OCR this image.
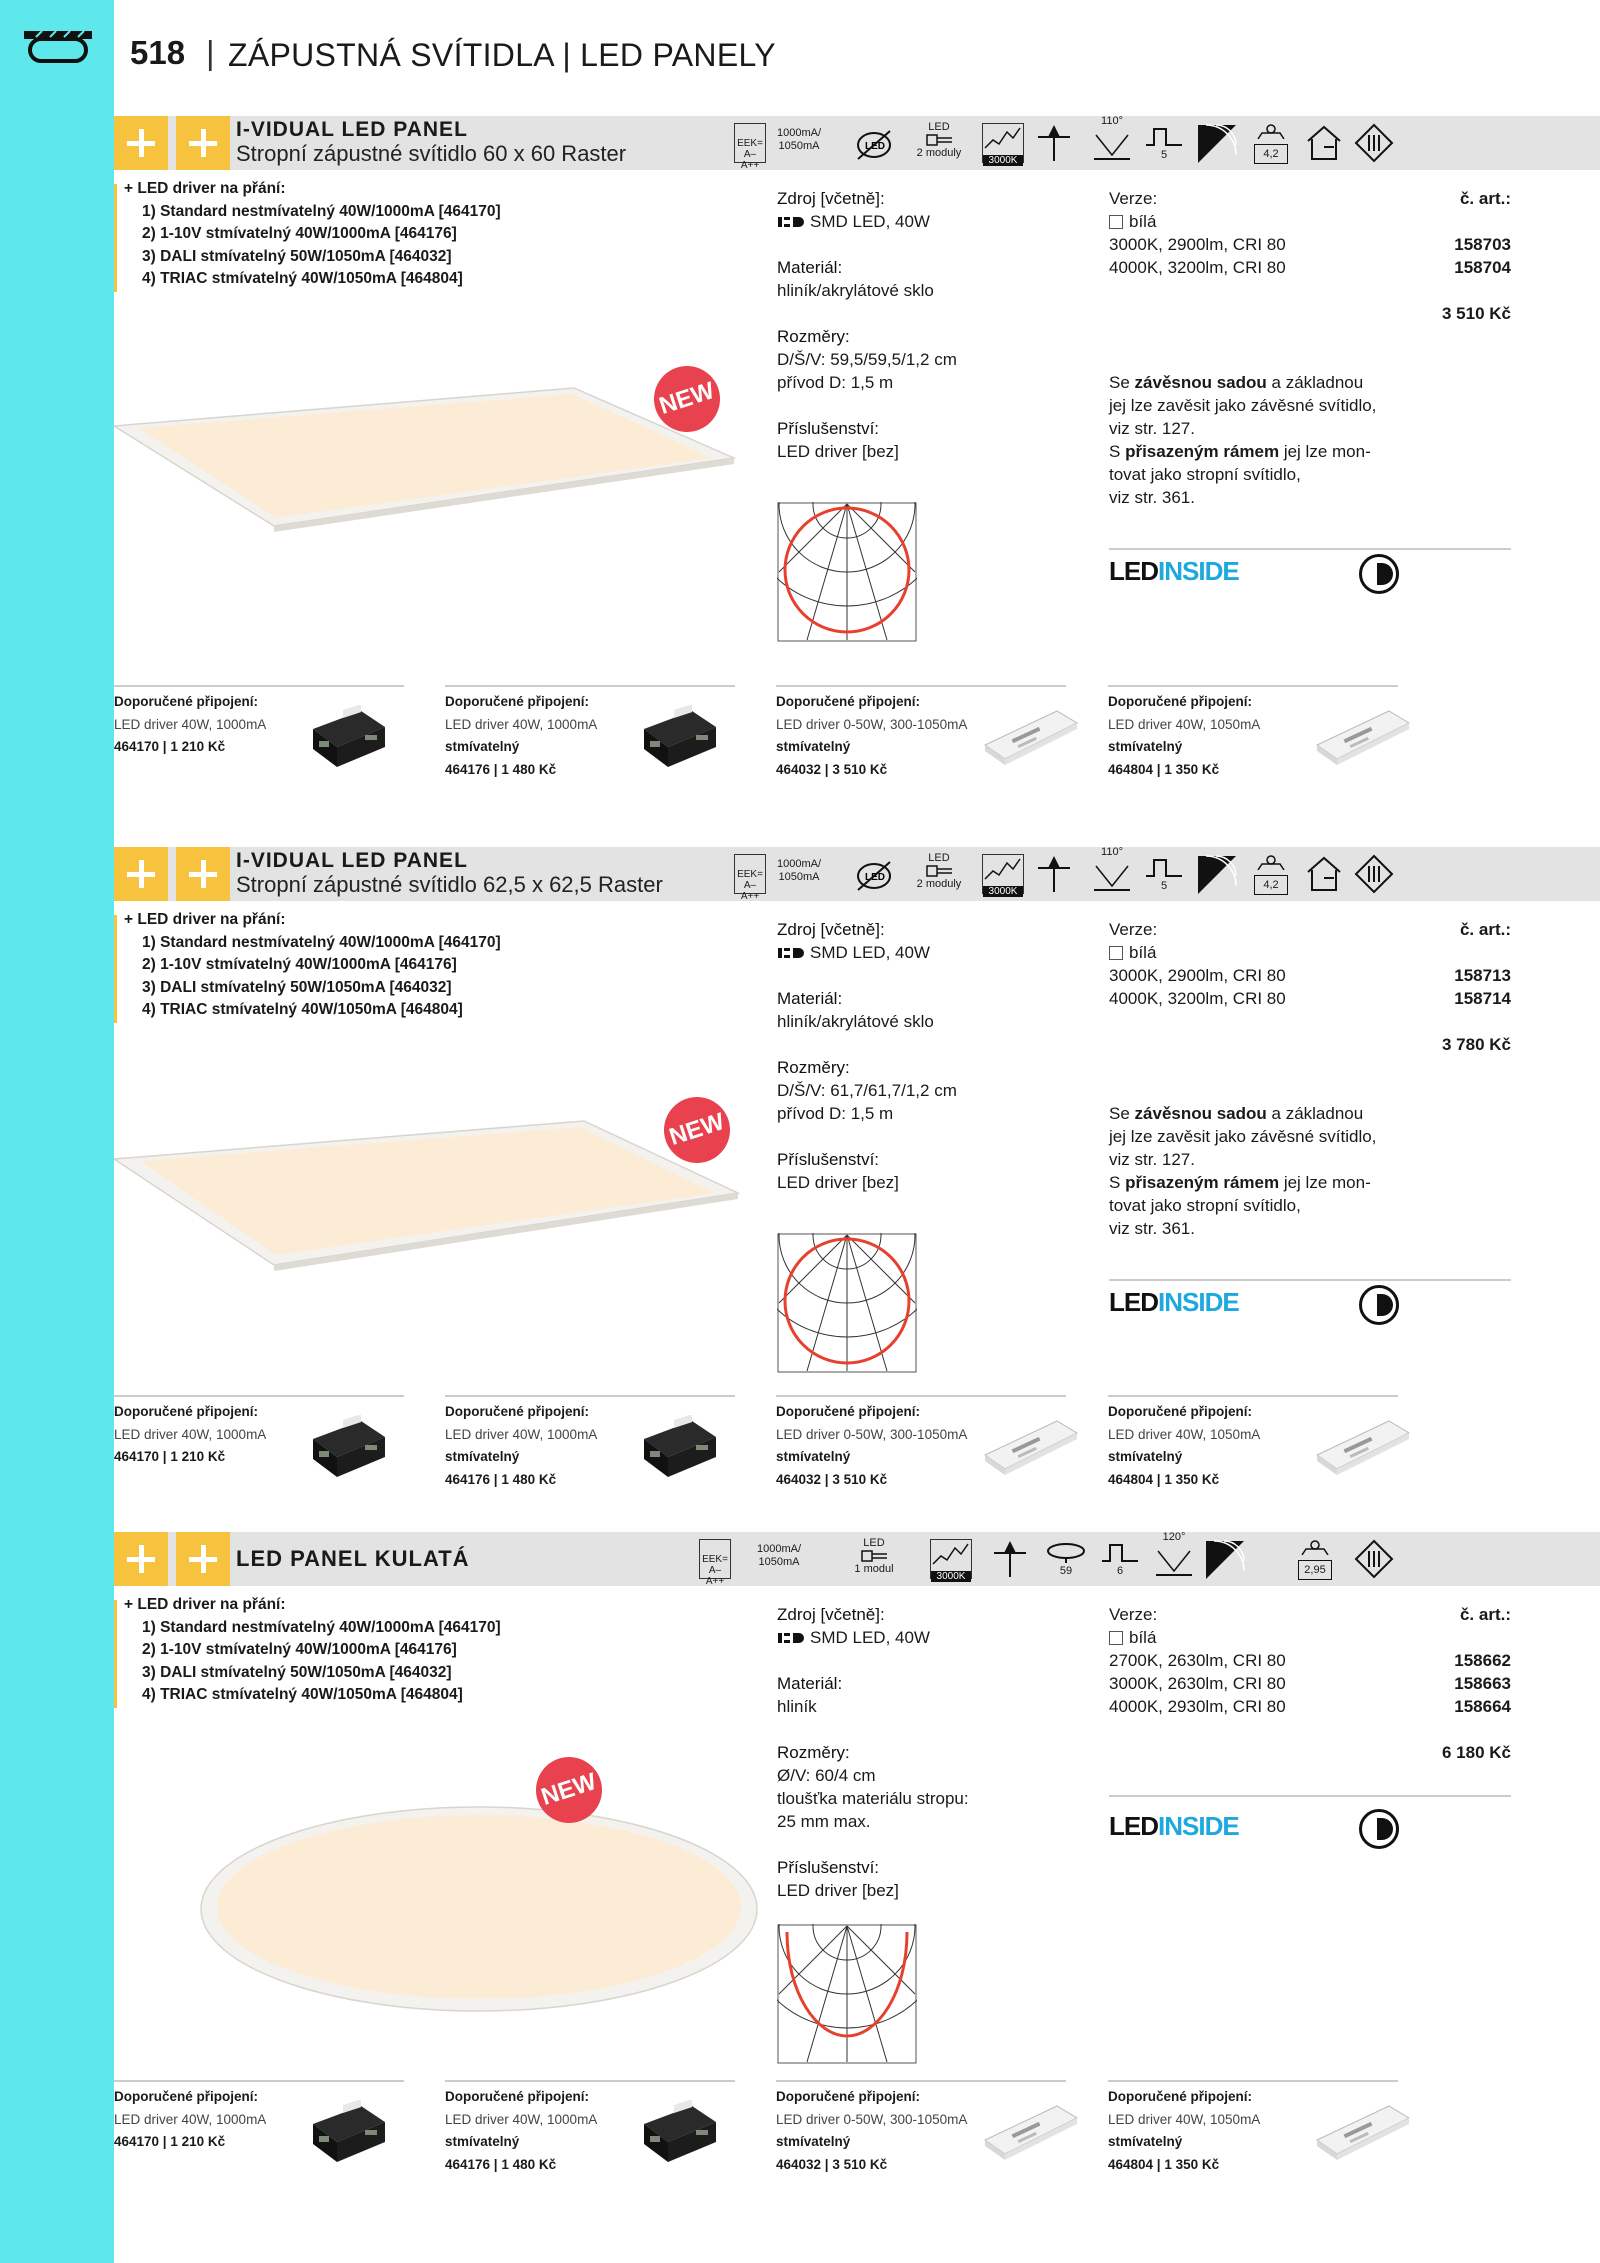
518 | ZÁPUSTNÁ SVÍTIDLA | LED PANELY
I-VIDUAL LED PANEL
Stropní zápustné svítidlo 60 x 60 Raster	EEK= A–A++
1000mA/ 1050mA	LED
LED
2 moduly
3000K
110°
5	4,2
+ LED driver na přání:
1) Standard nestmívatelný 40W/1000mA [464170]
2) 1-10V stmívatelný 40W/1000mA [464176]
3) DALI stmívatelný 50W/1050mA [464032]
4) TRIAC stmívatelný 40W/1050mA [464804]
NEW
Zdroj [včetně]:
SMD LED, 40W
Materiál:
hliník/akrylátové sklo
Rozměry:
D/Š/V: 59,5/59,5/1,2 cm
přívod D: 1,5 m
Příslušenství:
LED driver [bez]
Verze:	č. art.:
bílá
3000K, 2900lm, CRI 80	158703
4000K, 3200lm, CRI 80	158704
3 510 Kč
Se závěsnou sadou a základnou
jej lze zavěsit jako závěsné svítidlo,
viz str. 127.
S přisazeným rámem jej lze mon-
tovat jako stropní svítidlo,
viz str. 361.
LEDINSIDE
I-VIDUAL LED PANEL
Stropní zápustné svítidlo 62,5 x 62,5 Raster	EEK= A–A++
1000mA/ 1050mA	LED
LED
2 moduly
3000K
110°
5	4,2
+ LED driver na přání:
1) Standard nestmívatelný 40W/1000mA [464170]
2) 1-10V stmívatelný 40W/1000mA [464176]
3) DALI stmívatelný 50W/1050mA [464032]
4) TRIAC stmívatelný 40W/1050mA [464804]
NEW
Zdroj [včetně]:
SMD LED, 40W
Materiál:
hliník/akrylátové sklo
Rozměry:
D/Š/V: 61,7/61,7/1,2 cm
přívod D: 1,5 m
Příslušenství:
LED driver [bez]
Verze:	č. art.:
bílá
3000K, 2900lm, CRI 80	158713
4000K, 3200lm, CRI 80	158714
3 780 Kč
Se závěsnou sadou a základnou
jej lze zavěsit jako závěsné svítidlo,
viz str. 127.
S přisazeným rámem jej lze mon-
tovat jako stropní svítidlo,
viz str. 361.
LEDINSIDE
LED PANEL KULATÁ	EEK= A–A++
1000mA/ 1050mA
LED
1 modul
3000K	59	6
120°
2,95
+ LED driver na přání:
1) Standard nestmívatelný 40W/1000mA [464170]
2) 1-10V stmívatelný 40W/1000mA [464176]
3) DALI stmívatelný 50W/1050mA [464032]
4) TRIAC stmívatelný 40W/1050mA [464804]
NEW
Zdroj [včetně]:
SMD LED, 40W
Materiál:
hliník
Rozměry:
Ø/V: 60/4 cm
tloušťka materiálu stropu:
25 mm max.
Příslušenství:
LED driver [bez]
Verze:	č. art.:
bílá
2700K, 2630lm, CRI 80	158662
3000K, 2630lm, CRI 80	158663
4000K, 2930lm, CRI 80	158664
6 180 Kč
LEDINSIDE
Doporučené připojení:
LED driver 40W, 1000mA
464170 | 1 210 Kč
Doporučené připojení:
LED driver 40W, 1000mA
stmívatelný
464176 | 1 480 Kč
Doporučené připojení:
LED driver 0-50W, 300-1050mA
stmívatelný
464032 | 3 510 Kč
Doporučené připojení:
LED driver 40W, 1050mA
stmívatelný
464804 | 1 350 Kč
Doporučené připojení:
LED driver 40W, 1000mA
464170 | 1 210 Kč
Doporučené připojení:
LED driver 40W, 1000mA
stmívatelný
464176 | 1 480 Kč
Doporučené připojení:
LED driver 0-50W, 300-1050mA
stmívatelný
464032 | 3 510 Kč
Doporučené připojení:
LED driver 40W, 1050mA
stmívatelný
464804 | 1 350 Kč
Doporučené připojení:
LED driver 40W, 1000mA
464170 | 1 210 Kč
Doporučené připojení:
LED driver 40W, 1000mA
stmívatelný
464176 | 1 480 Kč
Doporučené připojení:
LED driver 0-50W, 300-1050mA
stmívatelný
464032 | 3 510 Kč
Doporučené připojení:
LED driver 40W, 1050mA
stmívatelný
464804 | 1 350 Kč
